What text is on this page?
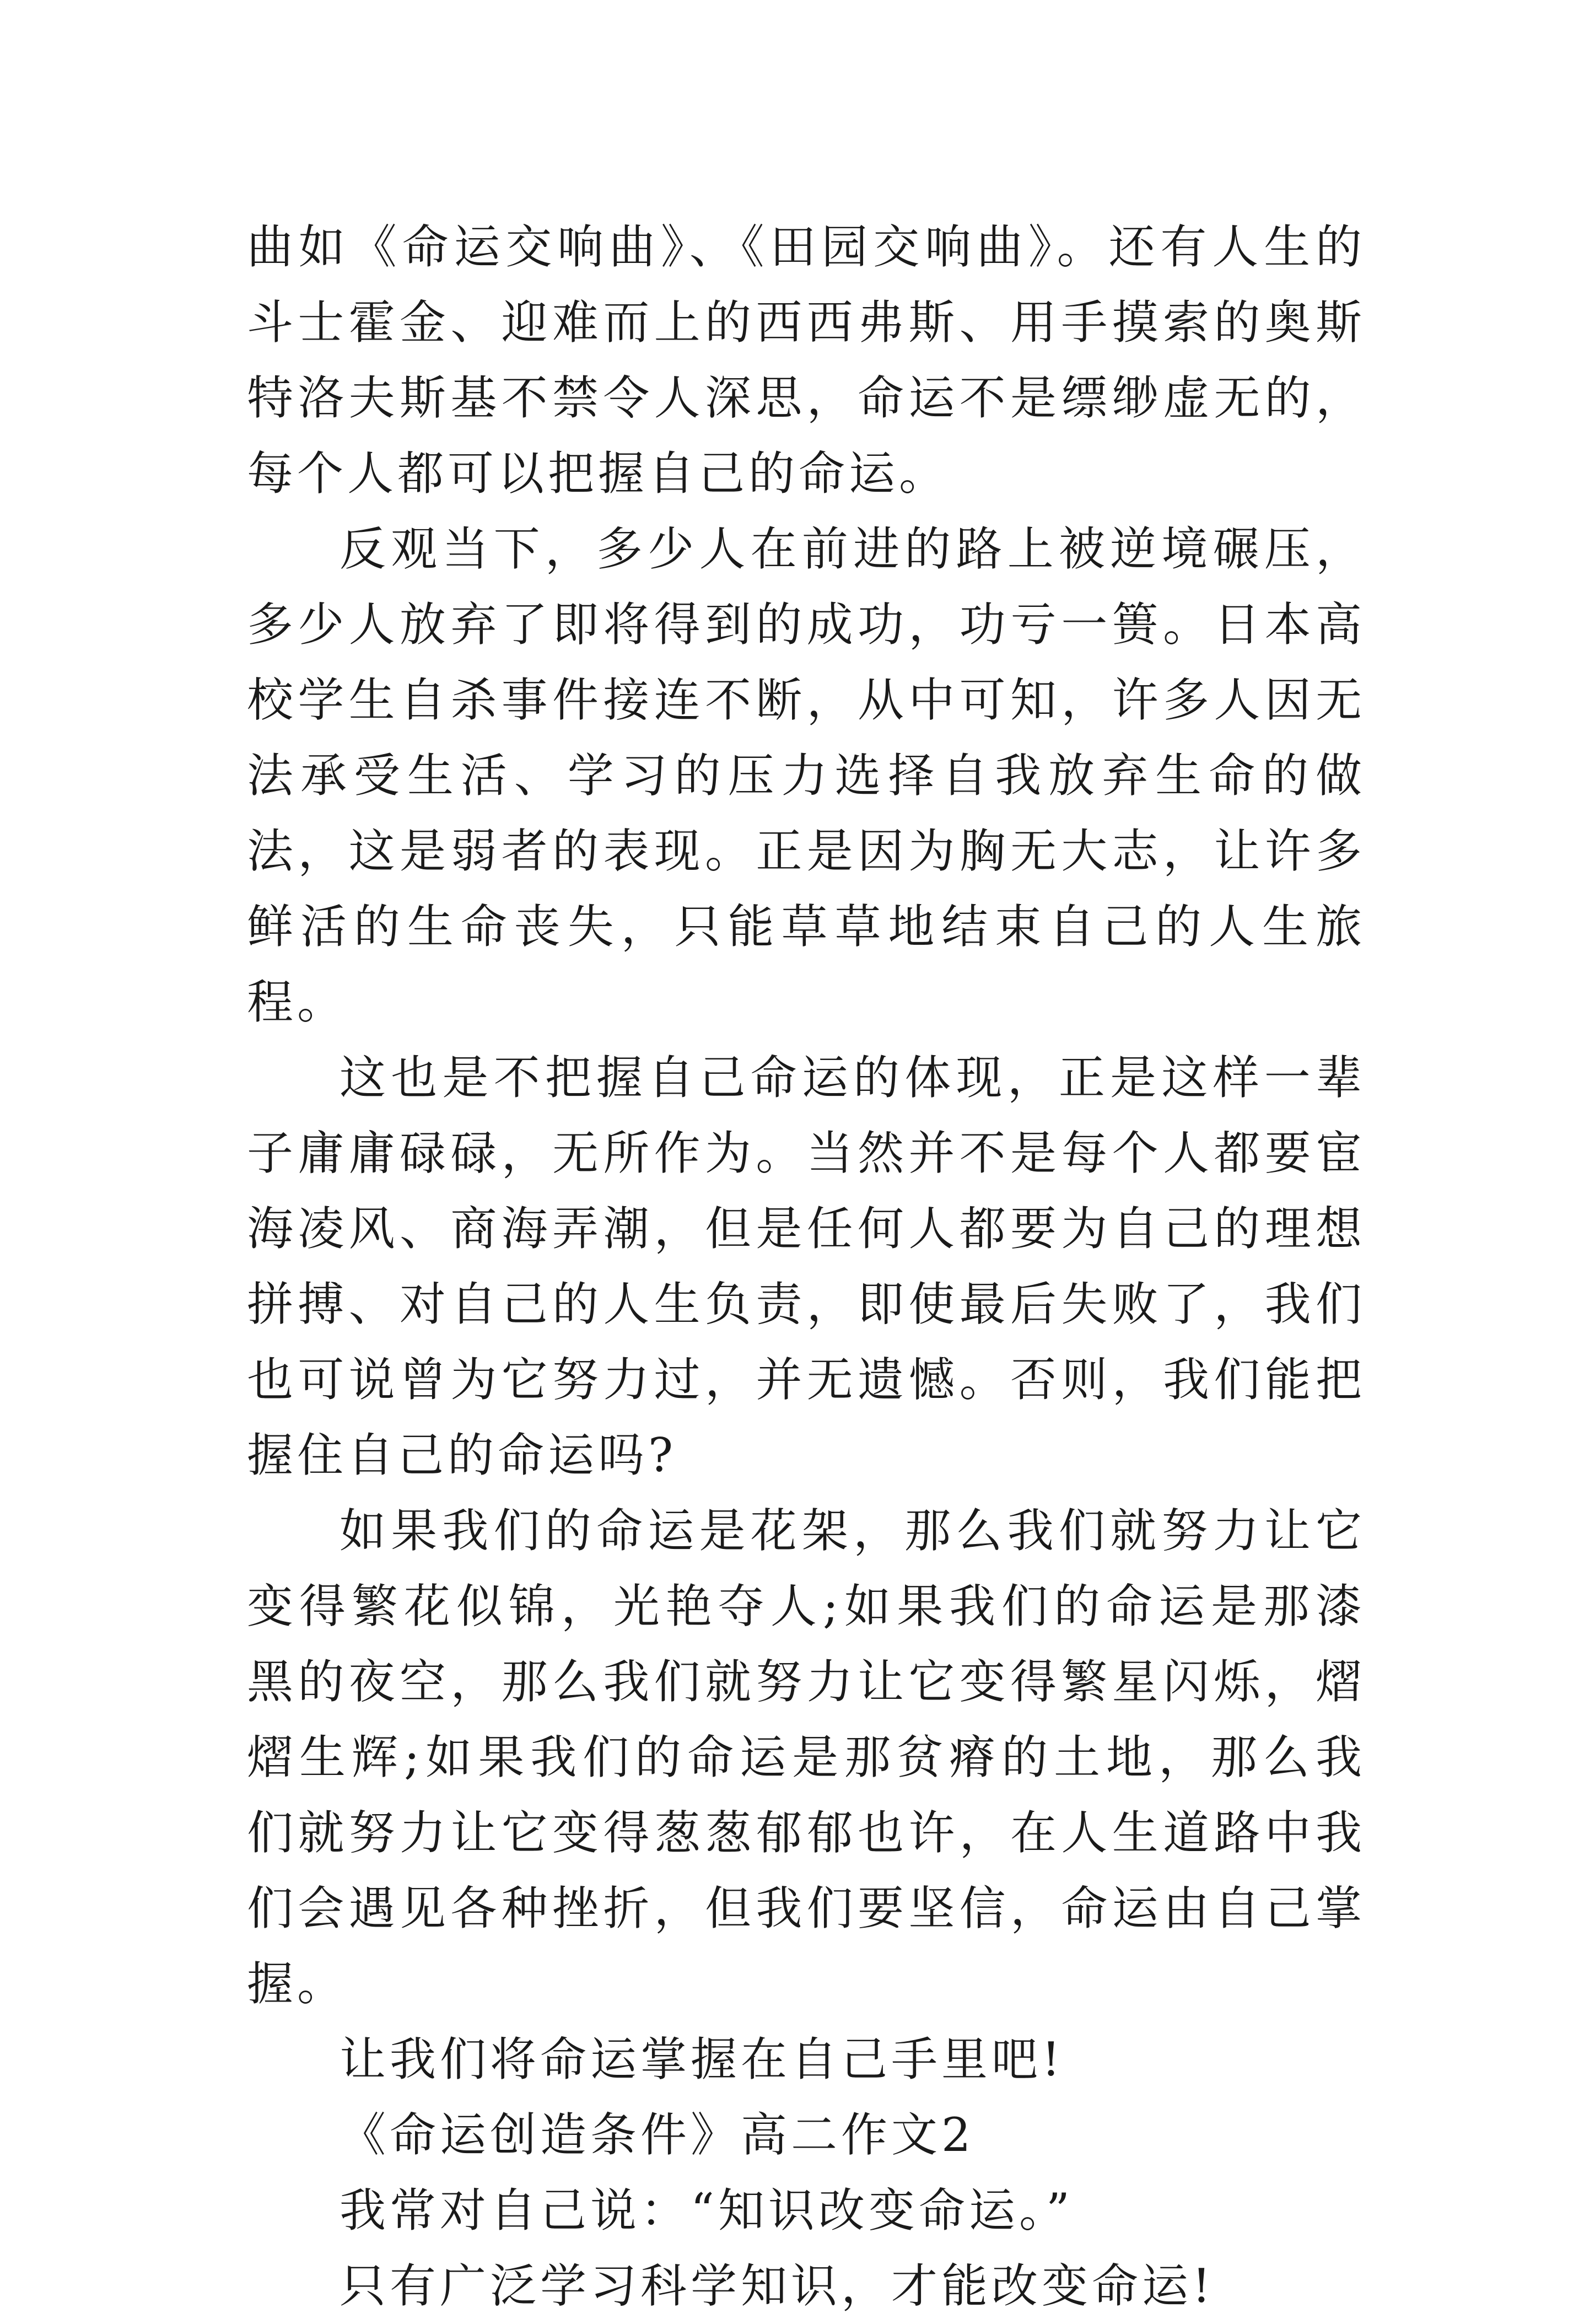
曲如《命运交响曲》、《田园交响曲》。还有人生的斗士霍金、迎难而上的西西弗斯、用手摸索的奥斯特洛夫斯基不禁令人深思，命运不是缥缈虚无的，每个人都可以把握自己的命运。

反观当下，多少人在前进的路上被逆境碾压，多少人放弃了即将得到的成功，功亏一篑。日本高校学生自杀事件接连不断，从中可知，许多人因无法承受生活、学习的压力选择自我放弃生命的做法，这是弱者的表现。正是因为胸无大志，让许多鲜活的生命丧失，只能草草地结束自己的人生旅程。

这也是不把握自己命运的体现，正是这样一辈子庸庸碌碌，无所作为。当然并不是每个人都要宦海凌风、商海弄潮，但是任何人都要为自己的理想拼搏、对自己的人生负责，即使最后失败了，我们也可说曾为它努力过，并无遗憾。否则，我们能把握住自己的命运吗?

如果我们的命运是花架，那么我们就努力让它变得繁花似锦，光艳夺人;如果我们的命运是那漆黑的夜空，那么我们就努力让它变得繁星闪烁，熠熠生辉;如果我们的命运是那贫瘠的土地，那么我们就努力让它变得葱葱郁郁也许，在人生道路中我们会遇见各种挫折，但我们要坚信，命运由自己掌握。

让我们将命运掌握在自己手里吧!

《命运创造条件》高二作文2

我常对自己说：“知识改变命运。”

只有广泛学习科学知识，才能改变命运!
